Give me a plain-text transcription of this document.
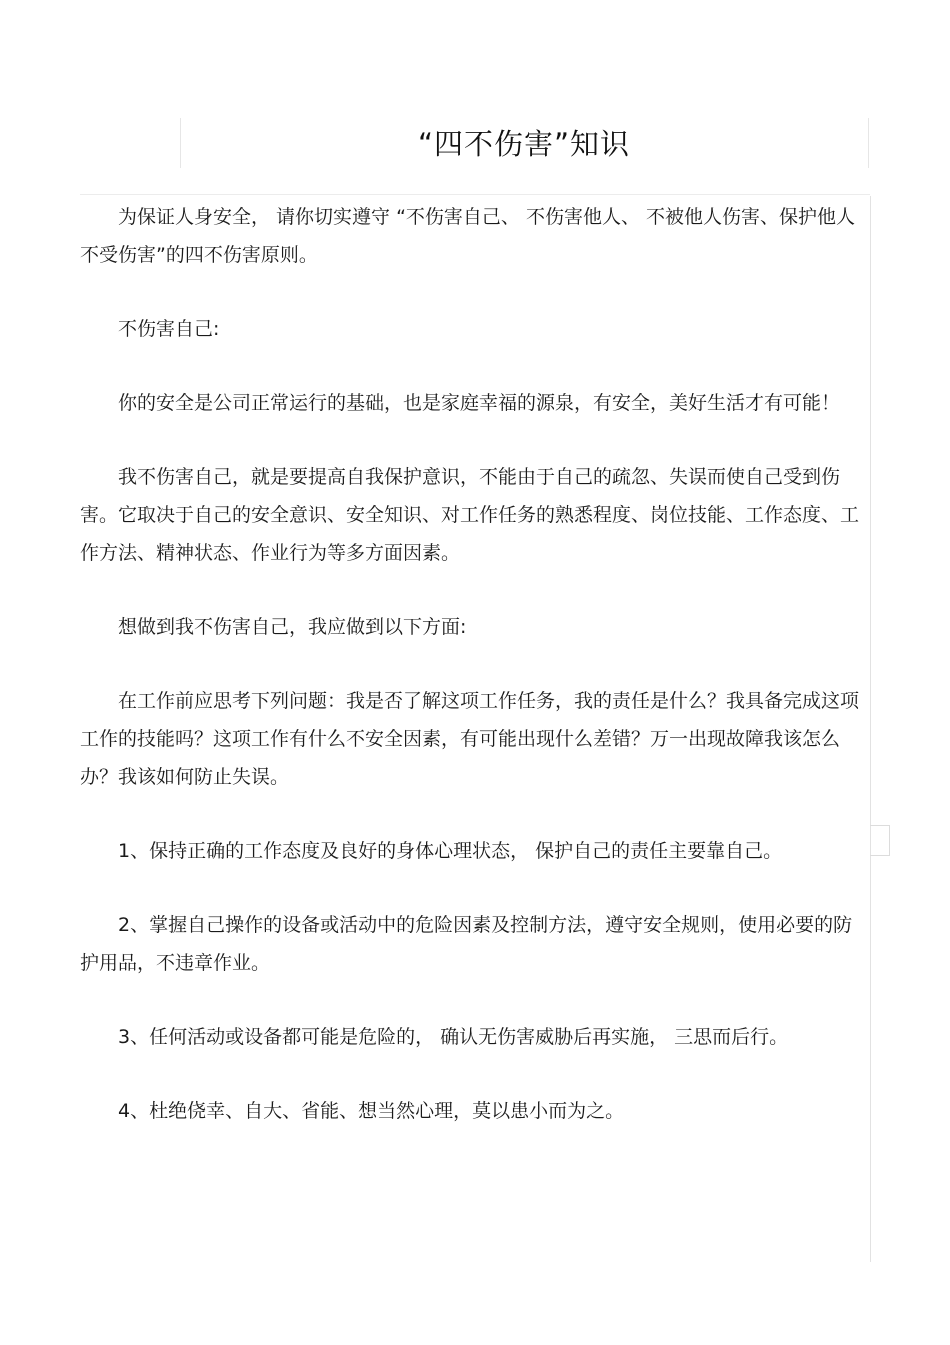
“四不伤害”知识

为保证人身安全， 请你切实遵守 “不伤害自己、 不伤害他人、 不被他人伤害、保护他人不受伤害”的四不伤害原则。

不伤害自己:

你的安全是公司正常运行的基础，也是家庭幸福的源泉，有安全，美好生活才有可能！

我不伤害自己，就是要提高自我保护意识，不能由于自己的疏忽、失误而使自己受到伤害。它取决于自己的安全意识、安全知识、对工作任务的熟悉程度、岗位技能、工作态度、工作方法、精神状态、作业行为等多方面因素。

想做到我不伤害自己，我应做到以下方面:

在工作前应思考下列问题：我是否了解这项工作任务，我的责任是什么？我具备完成这项工作的技能吗？这项工作有什么不安全因素，有可能出现什么差错？万一出现故障我该怎么办？我该如何防止失误。

1、保持正确的工作态度及良好的身体心理状态， 保护自己的责任主要靠自己。

2、掌握自己操作的设备或活动中的危险因素及控制方法，遵守安全规则，使用必要的防护用品，不违章作业。

3、任何活动或设备都可能是危险的， 确认无伤害威胁后再实施， 三思而后行。

4、杜绝侥幸、自大、省能、想当然心理，莫以患小而为之。
